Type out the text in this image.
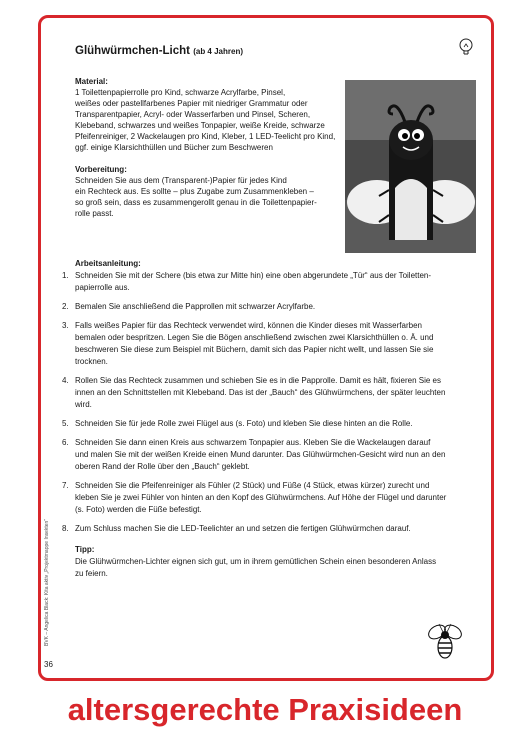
Glühwürmchen-Licht (ab 4 Jahren)
Material:
1 Toilettenpapierrolle pro Kind, schwarze Acrylfarbe, Pinsel,
weißes oder pastellfarbenes Papier mit niedriger Grammatur oder
Transparentpapier, Acryl- oder Wasserfarben und Pinsel, Scheren,
Klebeband, schwarzes und weißes Tonpapier, weiße Kreide, schwarze
Pfeifenreiniger, 2 Wackelaugen pro Kind, Kleber, 1 LED-Teelicht pro Kind,
ggf. einige Klarsichthüllen und Bücher zum Beschweren
Vorbereitung:
Schneiden Sie aus dem (Transparent-)Papier für jedes Kind
ein Rechteck aus. Es sollte – plus Zugabe zum Zusammenkleben –
so groß sein, dass es zusammengerollt genau in die Toilettenpapier-
rolle passt.
Arbeitsanleitung:
1. Schneiden Sie mit der Schere (bis etwa zur Mitte hin) eine oben abgerundete „Tür“ aus der Toiletten-
papierrolle aus.
2. Bemalen Sie anschließend die Papprollen mit schwarzer Acrylfarbe.
3. Falls weißes Papier für das Rechteck verwendet wird, können die Kinder dieses mit Wasserfarben
bemalen oder bespritzen. Legen Sie die Bögen anschließend zwischen zwei Klarsichthüllen o. Ä. und
beschweren Sie diese zum Beispiel mit Büchern, damit sich das Papier nicht wellt, und lassen Sie sie
trocknen.
4. Rollen Sie das Rechteck zusammen und schieben Sie es in die Papprolle. Damit es hält, fixieren Sie es
innen an den Schnittstellen mit Klebeband. Das ist der „Bauch“ des Glühwürmchens, der später leuchten
wird.
5. Schneiden Sie für jede Rolle zwei Flügel aus (s. Foto) und kleben Sie diese hinten an die Rolle.
6. Schneiden Sie dann einen Kreis aus schwarzem Tonpapier aus. Kleben Sie die Wackelaugen darauf
und malen Sie mit der weißen Kreide einen Mund darunter. Das Glühwürmchen-Gesicht wird nun an den
oberen Rand der Rolle über den „Bauch“ geklebt.
7. Schneiden Sie die Pfeifenreiniger als Fühler (2 Stück) und Füße (4 Stück, etwas kürzer) zurecht und
kleben Sie je zwei Fühler von hinten an den Kopf des Glühwürmchens. Auf Höhe der Flügel und darunter
(s. Foto) werden die Füße befestigt.
8. Zum Schluss machen Sie die LED-Teelichter an und setzen die fertigen Glühwürmchen darauf.
Tipp:
Die Glühwürmchen-Lichter eignen sich gut, um in ihrem gemütlichen Schein einen besonderen Anlass
zu feiern.
BVK – Angelica Black: Kita aktiv „Projektmappe Insekten“
36
altersgerechte Praxisideen
